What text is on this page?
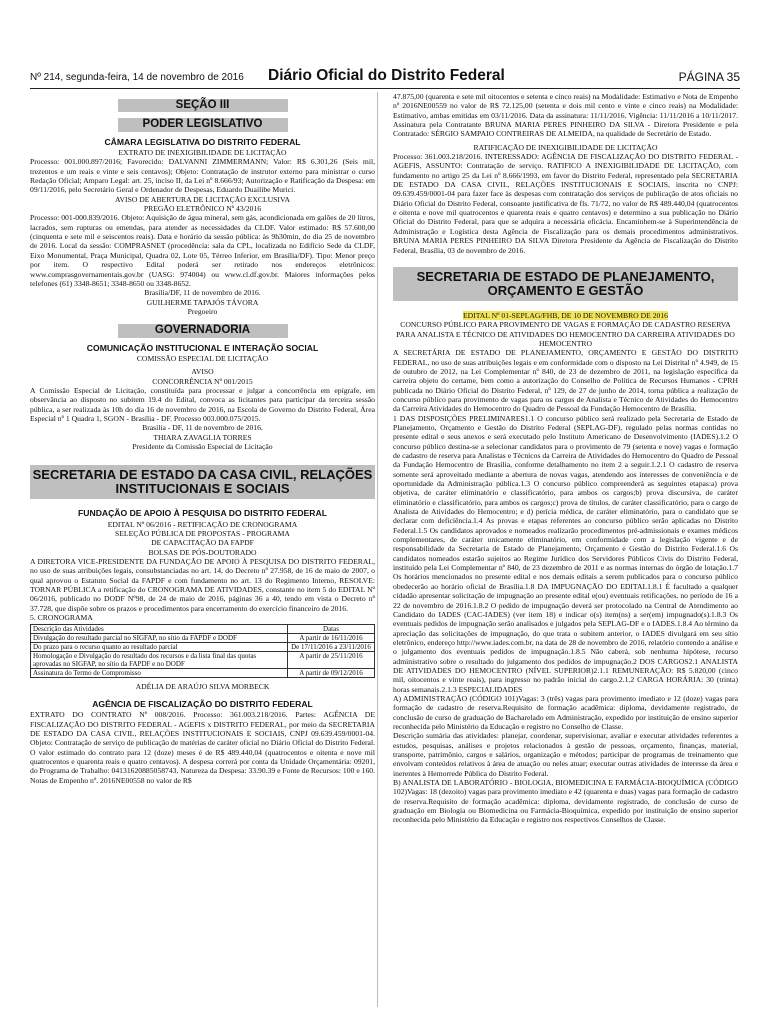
Nº 214, segunda-feira, 14 de novembro de 2016 Diário Oficial do Distrito Federal	PÁGINA 35
SEÇÃO III
PODER LEGISLATIVO
CÂMARA LEGISLATIVA DO DISTRITO FEDERAL
EXTRATO DE INEXIGIBILIDADE DE LICITAÇÃO

Processo: 001.000.897/2016; Favorecido: DALVANNI ZIMMERMANN; Valor: R$ 6.301,26 (Seis mil, trezentos e um reais e vinte e seis centavos); Objeto: Contratação de instrutor externo para ministrar o curso Redação Oficial; Amparo Legal: art. 25, inciso II, da Lei nº 8.666/93; Autorização e Ratificação da Despesa: em 09/11/2016, pelo Secretário Geral e Ordenador de Despesas, Eduardo Duailibe Murici.

AVISO DE ABERTURA DE LICITAÇÃO EXCLUSIVA
PREGÃO ELETRÔNICO Nº 43/2016

Processo: 001-000.839/2016. Objeto: Aquisição de água mineral, sem gás, acondicionada em galões de 20 litros, lacrados, sem rupturas ou emendas, para atender as necessidades da CLDF. Valor estimado: R$ 57.600,00 (cinquenta e sete mil e seiscentos reais). Data e horário da sessão pública: às 9h30min, do dia 25 de novembro de 2016. Local da sessão: COMPRASNET (procedência: sala da CPL, localizada no Edifício Sede da CLDF, Eixo Monumental, Praça Municipal, Quadra 02, Lote 05, Térreo Inferior, em Brasília/DF). Tipo: Menor preço por item. O respectivo Edital poderá ser retirado nos endereços eletrônicos: www.comprasgovernamentais.gov.br (UASG: 974004) ou www.cl.df.gov.br. Maiores informações pelos telefones (61) 3348-8651; 3348-8650 ou 3348-8652.

Brasília/DF, 11 de novembro de 2016.
GUILHERME TAPAJÓS TÁVORA
Pregoeiro
GOVERNADORIA
COMUNICAÇÃO INSTITUCIONAL E INTERAÇÃO SOCIAL
COMISSÃO ESPECIAL DE LICITAÇÃO
AVISO
CONCORRÊNCIA Nº 001/2015

A Comissão Especial de Licitação, constituída para processar e julgar a concorrência em epígrafe, em observância ao disposto no subitem 19.4 do Edital, convoca as licitantes para participar da terceira sessão pública, a ser realizada às 10h do dia 16 de novembro de 2016, na Escola de Governo do Distrito Federal, Área Especial nº 1 Quadra 1, SGON - Brasília - DF. Processo 003.000.075/2015.

Brasília - DF, 11 de novembro de 2016.
THIARA ZAVAGLIA TORRES
Presidente da Comissão Especial de Licitação
SECRETARIA DE ESTADO DA CASA CIVIL, RELAÇÕES INSTITUCIONAIS E SOCIAIS
FUNDAÇÃO DE APOIO À PESQUISA DO DISTRITO FEDERAL
EDITAL Nº 06/2016 - RETIFICAÇÃO DE CRONOGRAMA
SELEÇÃO PÚBLICA DE PROPOSTAS - PROGRAMA
DE CAPACITAÇÃO DA FAPDF
BOLSAS DE PÓS-DOUTORADO

A DIRETORA VICE-PRESIDENTE DA FUNDAÇÃO DE APOIO À PESQUISA DO DISTRITO FEDERAL, no uso de suas atribuições legais, consubstanciadas no art. 14, do Decreto nº 27.958, de 16 de maio de 2007, o qual aprovou o Estatuto Social da FAPDF e com fundamento no art. 13 do Regimento Interno, RESOLVE: TORNAR PÚBLICA a retificação do CRONOGRAMA DE ATIVIDADES, constante no item 5 do EDITAL Nº 06/2016, publicado no DODF Nº98, de 24 de maio de 2016, páginas 36 a 40, tendo em vista o Decreto nº 37.728, que dispõe sobre os prazos e procedimentos para encerramento do exercício financeiro de 2016.

5. CRONOGRAMA

Descrição das Atividades	Datas
Divulgação do resultado parcial no SIGFAP, no sítio da FAPDF e DODF	A partir de 16/11/2016
Do prazo para o recurso quanto ao resultado parcial	De 17/11/2016 a 23/11/2016
Homologação e Divulgação do resultado dos recursos e da lista final das quotas aprovadas no SIGFAP, no sítio da FAPDF e no DODF	A partir de 25/11/2016
Assinatura do Termo de Compromisso	A partir de 09/12/2016
ADÉLIA DE ARAÚJO SILVA MORBECK
AGÊNCIA DE FISCALIZAÇÃO DO DISTRITO FEDERAL

EXTRATO DO CONTRATO Nº 008/2016. Processo: 361.003.218/2016. Partes: AGÊNCIA DE FISCALIZAÇÃO DO DISTRITO FEDERAL - AGEFIS x DISTRITO FEDERAL, por meio da SECRETARIA DE ESTADO DA CASA CIVIL, RELAÇÕES INSTITUCIONAIS E SOCIAIS, CNPJ 09.639.459/0001-04. Objeto: Contratação de serviço de publicação de matérias de caráter oficial no Diário Oficial do Distrito Federal. O valor estimado do contrato para 12 (doze) meses é de R$ 489.440,04 (quatrocentos e oitenta e nove mil quatrocentos e quarenta reais e quatro centavos). A despesa correrá por conta da Unidade Orçamentária: 09201, do Programa de Trabalho: 04131620885058743, Natureza da Despesa: 33.90.39 e Fonte de Recursos: 100 e 160. Notas de Empenho nº. 2016NE00558 no valor de R$

47.875,00 (quarenta e sete mil oitocentos e setenta e cinco reais) na Modalidade: Estimativo e Nota de Empenho nº 2016NE00559 no valor de R$ 72.125,00 (setenta e dois mil cento e vinte e cinco reais) na Modalidade: Estimativo, ambas emitidas em 03/11/2016. Data da assinatura: 11/11/2016. Vigência: 11/11/2016 a 10/11/2017. Assinatura pela Contratante BRUNA MARIA PERES PINHEIRO DA SILVA - Diretora Presidente e pela Contratado: SÉRGIO SAMPAIO CONTREIRAS DE ALMEIDA, na qualidade de Secretário de Estado.

RATIFICAÇÃO DE INEXIGIBILIDADE DE LICITAÇÃO

Processo: 361.003.218/2016. INTERESSADO: AGÊNCIA DE FISCALIZAÇÃO DO DISTRITO FEDERAL - AGEFIS, ASSUNTO: Contratação de serviço. RATIFICO A INEXIGIBILIDADE DE LICITAÇÃO, com fundamento no artigo 25 da Lei nº 8.666/1993, em favor do Distrito Federal, representado pela SECRETARIA DE ESTADO DA CASA CIVIL, RELAÇÕES INSTITUCIONAIS E SOCIAIS, inscrita no CNPJ: 09.639.459/0001-04 para fazer face às despesas com contratação dos serviços de publicação de atos oficiais no Diário Oficial do Distrito Federal, consoante justificativa de fls. 71/72, no valor de R$ 489.440,04 (quatrocentos e oitenta e nove mil quatrocentos e quarenta reais e quatro centavos) e determino a sua publicação no Diário Oficial do Distrito Federal, para que se adquira a necessária eficácia. Encaminhem-se à Superintendência de Administração e Logística desta Agência de Fiscalização para os demais procedimentos administrativos. BRUNA MARIA PERES PINHEIRO DA SILVA Diretora Presidente da Agência de Fiscalização do Distrito Federal, Brasília, 03 de novembro de 2016.

SECRETARIA DE ESTADO DE PLANEJAMENTO, ORÇAMENTO E GESTÃO
EDITAL Nº 01-SEPLAG/FHB, DE 10 DE NOVEMBRO DE 2016
CONCURSO PÚBLICO PARA PROVIMENTO DE VAGAS E FORMAÇÃO DE CADASTRO RESERVA PARA ANALISTA E TÉCNICO DE ATIVIDADES DO HEMOCENTRO DA CARREIRA ATIVIDADES DO HEMOCENTRO

A SECRETÁRIA DE ESTADO DE PLANEJAMENTO, ORÇAMENTO E GESTÃO DO DISTRITO FEDERAL, no uso de suas atribuições legais e em conformidade com o disposto na Lei Distrital nº 4.949, de 15 de outubro de 2012, na Lei Complementar nº 840, de 23 de dezembro de 2011, na legislação específica da carreira objeto do certame, bem como a autorização do Conselho de Política de Recursos Humanos - CPRH publicada no Diário Oficial do Distrito Federal, nº 129, de 27 de junho de 2014, torna pública a realização de concurso público para provimento de vagas para os cargos de Analista e Técnico de Atividades do Hemocentro da Carreira Atividades do Hemocentro do Quadro de Pessoal da Fundação Hemocentro de Brasília.

1 DAS DISPOSIÇÕES PRELIMINARES1.1 O concurso público será realizado pela Secretaria de Estado de Planejamento, Orçamento e Gestão do Distrito Federal (SEPLAG-DF), regulado pelas normas contidas no presente edital e seus anexos e será executado pelo Instituto Americano de Desenvolvimento (IADES).1.2 O concurso público destina-se a selecionar candidatos para o provimento de 79 (setenta e nove) vagas e formação de cadastro de reserva para Analistas e Técnicos da Carreira de Atividades do Hemocentro do Quadro de Pessoal da Fundação Hemocentro de Brasília, conforme detalhamento no item 2 a seguir.1.2.1 O cadastro de reserva somente será aproveitado mediante a abertura de novas vagas, atendendo aos interesses de conveniência e de oportunidade da Administração pública.1.3 O concurso público compreenderá as seguintes etapas:a) prova objetiva, de caráter eliminatório e classificatório, para ambos os cargos;b) prova discursiva, de caráter eliminatório e classificatório, para ambos os cargos;c) prova de títulos, de caráter classificatório, para o cargo de Analista de Atividades do Hemocentro; e d) perícia médica, de caráter eliminatório, para o candidato que se declarar com deficiência.1.4 As provas e etapas referentes ao concurso público serão aplicadas no Distrito Federal.1.5 Os candidatos aprovados e nomeados realizarão procedimentos pré-admissionais e exames médicos complementares, de caráter unicamente eliminatório, em conformidade com a legislação vigente e de responsabilidade da Secretaria de Estado de Planejamento, Orçamento e Gestão do Distrito Federal.1.6 Os candidatos nomeados estarão sujeitos ao Regime Jurídico dos Servidores Públicos Civis do Distrito Federal, instituído pela Lei Complementar nº 840, de 23 dezembro de 2011 e as normas internas do órgão de lotação.1.7 Os horários mencionados no presente edital e nos demais editais a serem publicados para o concurso público obedecerão ao horário oficial de Brasília.1.8 DA IMPUGNAÇÃO DO EDITAL1.8.1 É facultado a qualquer cidadão apresentar solicitação de impugnação ao presente edital e(ou) eventuais retificações, no período de 16 a 22 de novembro de 2016.1.8.2 O pedido de impugnação deverá ser protocolado na Central de Atendimento ao Candidato do IADES (CAC-IADES) (ver item 18) e indicar o(s) item(ns) a ser(em) impugnado(s).1.8.3 Os eventuais pedidos de impugnação serão analisados e julgados pela SEPLAG-DF e o IADES.1.8.4 Ao término da apreciação das solicitações de impugnação, do que trata o subitem anterior, o IADES divulgará em seu sítio eletrônico, endereço http://www.iades.com.br, na data de 28 de novembro de 2016, relatório contendo a análise e o julgamento dos eventuais pedidos de impugnação.1.8.5 Não caberá, sob nenhuma hipótese, recurso administrativo sobre o resultado do julgamento dos pedidos de impugnação.2 DOS CARGOS2.1 ANALISTA DE ATIVIDADES DO HEMOCENTRO (NÍVEL SUPERIOR)2.1.1 REMUNERAÇÃO: R$ 5.820,00 (cinco mil, oitocentos e vinte reais), para ingresso no padrão inicial do cargo.2.1.2 CARGA HORÁRIA: 30 (trinta) horas semanais.2.1.3 ESPECIALIDADES

A) ADMINISTRAÇÃO (CÓDIGO 101)Vagas: 3 (três) vagas para provimento imediato e 12 (doze) vagas para formação de cadastro de reserva.Requisito de formação acadêmica: diploma, devidamente registrado, de conclusão de curso de graduação de Bacharelado em Administração, expedido por instituição de ensino superior reconhecida pelo Ministério da Educação e registro no Conselho de Classe.

Descrição sumária das atividades: planejar, coordenar, supervisionar, avaliar e executar atividades referentes a estudos, pesquisas, análises e projetos relacionados à gestão de pessoas, orçamento, finanças, material, transporte, patrimônio, cargos e salários, organização e métodos; participar de programas de treinamento que envolvam conteúdos relativos à área de atuação ou neles atuar; executar outras atividades de interesse da área e inerentes à Hemorrede Pública do Distrito Federal.

B) ANALISTA DE LABORATÓRIO - BIOLOGIA, BIOMEDICINA E FARMÁCIA-BIOQUÍMICA (CÓDIGO 102)Vagas: 18 (dezoito) vagas para provimento imediato e 42 (quarenta e duas) vagas para formação de cadastro de reserva.Requisito de formação acadêmica: diploma, devidamente registrado, de conclusão de curso de graduação em Biologia ou Biomedicina ou Farmácia-Bioquímica, expedido por instituição de ensino superior reconhecida pelo Ministério da Educação e registro nos respectivos Conselhos de Classe.
